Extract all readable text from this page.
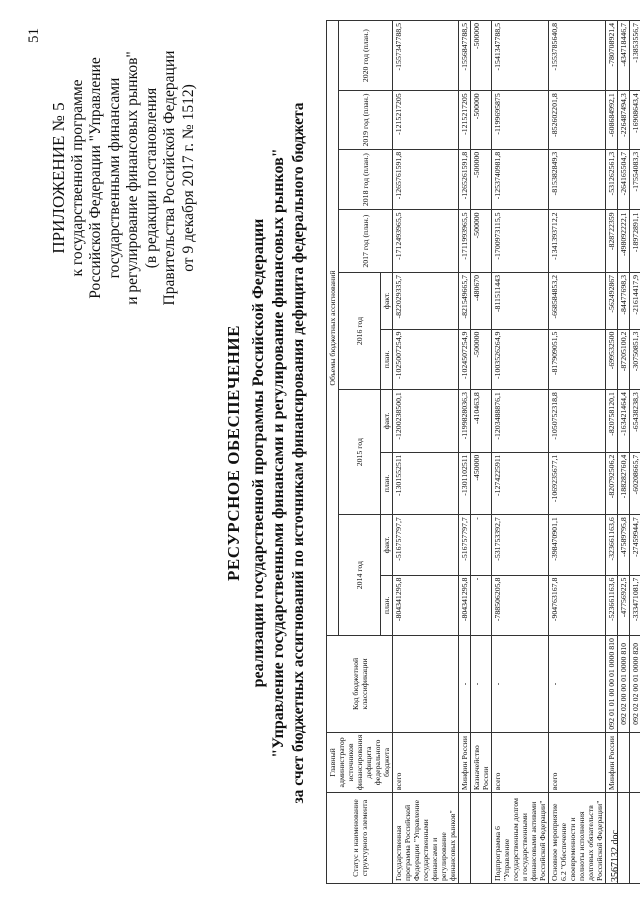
51
ПРИЛОЖЕНИЕ № 5 к государственной программе Российской Федерации "Управление государственными финансами и регулирование финансовых рынков" (в редакции постановления Правительства Российской Федерации от 9 декабря 2017 г. № 1512)
РЕСУРСНОЕ ОБЕСПЕЧЕНИЕ реализации государственной программы Российской Федерации "Управление государственными финансами и регулирование финансовых рынков" за счет бюджетных ассигнований по источникам финансирования дефицита федерального бюджета
Статус и наименование структурного элемента	Главный администратор источников финансирования дефицита федерального бюджета	Код бюджетной классификации	Объемы бюджетных ассигнований									
			2014 год		2015 год		2016 год		2017 год (план.)	2018 год (план.)	2019 год (план.)	2020 год (план.)
			план.	факт.	план.	факт.	план.	факт.				
Государственная программа Российской Федерации "Управление государственными финансами и регулирование финансовых рынков"	всего		-804341295,8	-516757797,7	-1301552511	-1200238500,1	-1025007254,9	-822029335,7	-1712493965,5	-1265761591,8	-1215217205	-1557347788,5
	Минфин России	-	-804341295,8	-516757797,7	-1301102511	-1199828036,3	-1024507254,9	-821549665,7	-1711993965,5	-1265261591,8	-1215217205	-1556847788,5
	Казначейство России	-	-	-	-450000	-410463,8	-500000	-480670	-500000	-500000	-500000	-500000
Подпрограмма 6 "Управление государственным долгом и государственными финансовыми активами Российской Федерации"	всего	-	-788506205,8	-531753392,7	-1274225911	-1203488876,1	-1003526264,9	-811511443	-1700973115,5	-1253740981,8	-1199695875	-1541347788,5
Основное мероприятие 6.2 "Обеспечение своевременности и полноты исполнения долговых обязательств Российской Федерации"	всего	-	-904763167,8	-398470901,1	-1069235677,1	-1050752318,8	-817909051,5	-668584853,2	-1341393712,2	-815382849,3	-852602201,8	-1553785640,8
	Минфин России	092 01 01 00 00 01 0000 810	-523661163,6	-323661163,6	-820792506,2	-820758120,1	-699532500	-562492867	-828722359	-531262561,3	-608684992,1	-780708921,4
		092 02 00 00 01 0000 810	-47756922,5	-47589795,8	-188282760,4	-163421464,4	-87205100,2	-84477698,3	-498092222,1	-264165504,7	-226487494,3	-434718446,7
		092 02 02 00 01 0000 820	-333471081,7	-27459944,7	-60208665,7	-65438238,3	-30750851,3	-21614417,9	-18972891,1	-17554083,3	-16908643,4	-13853556,7
3567132.doc
